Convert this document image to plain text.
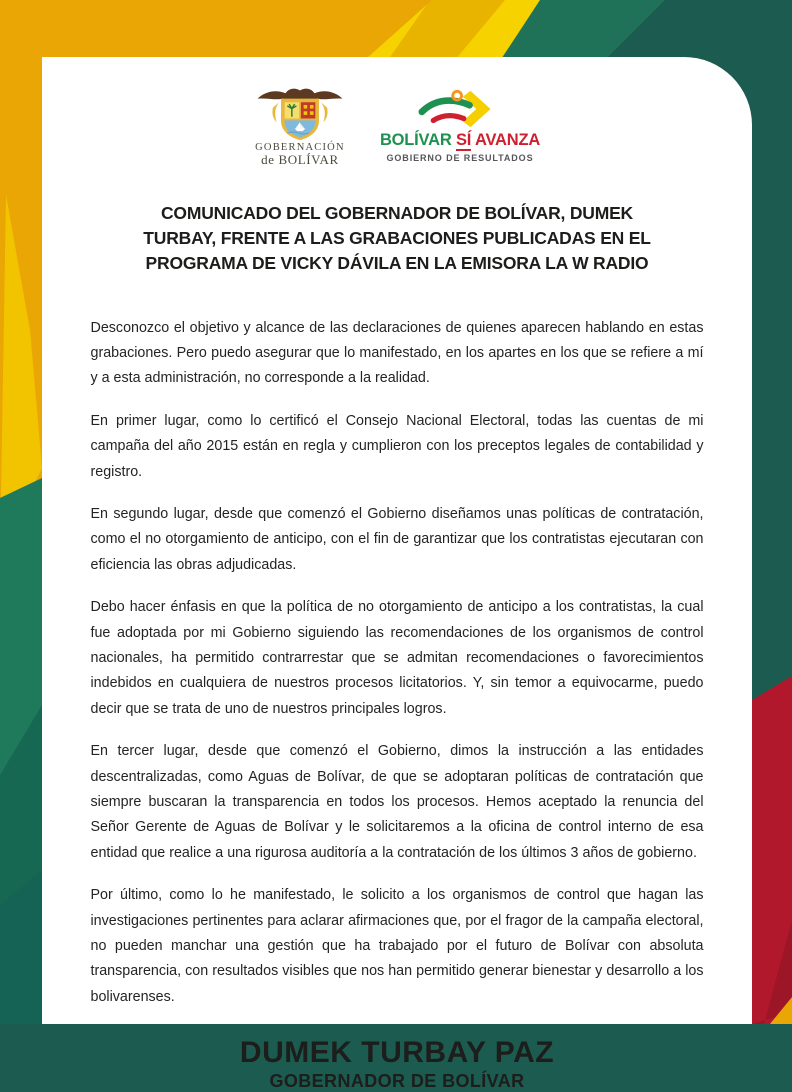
GOBERNACIÓN
de BOLÍVAR
BOLÍVAR SÍ AVANZA
GOBIERNO DE RESULTADOS
COMUNICADO DEL GOBERNADOR DE BOLÍVAR, DUMEK
TURBAY, FRENTE A LAS GRABACIONES PUBLICADAS EN EL
PROGRAMA DE VICKY DÁVILA EN LA EMISORA LA W RADIO

Desconozco el objetivo y alcance de las declaraciones de quienes aparecen hablando en estas grabaciones. Pero puedo asegurar que lo manifestado, en los apartes en los que se refiere a mí y a esta administración, no corresponde a la realidad.

En primer lugar, como lo certificó el Consejo Nacional Electoral, todas las cuentas de mi campaña del año 2015 están en regla y cumplieron con los preceptos legales de contabilidad y registro.

En segundo lugar, desde que comenzó el Gobierno diseñamos unas políticas de contratación, como el no otorgamiento de anticipo, con el fin de garantizar que los contratistas ejecutaran con eficiencia las obras adjudicadas.

Debo hacer énfasis en que la política de no otorgamiento de anticipo a los contratistas, la cual fue adoptada por mi Gobierno siguiendo las recomendaciones de los organismos de control nacionales, ha permitido contrarrestar que se admitan recomendaciones o favorecimientos indebidos en cualquiera de nuestros procesos licitatorios. Y, sin temor a equivocarme, puedo decir que se trata de uno de nuestros principales logros.

En tercer lugar, desde que comenzó el Gobierno, dimos la instrucción a las entidades descentralizadas, como Aguas de Bolívar, de que se adoptaran políticas de contratación que siempre buscaran la transparencia en todos los procesos. Hemos aceptado la renuncia del Señor Gerente de Aguas de Bolívar y le solicitaremos a la oficina de control interno de esa entidad que realice a una rigurosa auditoría a la contratación de los últimos 3 años de gobierno.

Por último, como lo he manifestado, le solicito a los organismos de control que hagan las investigaciones pertinentes para aclarar afirmaciones que, por el fragor de la campaña electoral, no pueden manchar una gestión que ha trabajado por el futuro de Bolívar con absoluta transparencia, con resultados visibles que nos han permitido generar bienestar y desarrollo a los bolivarenses.

DUMEK TURBAY PAZ
GOBERNADOR DE BOLÍVAR
